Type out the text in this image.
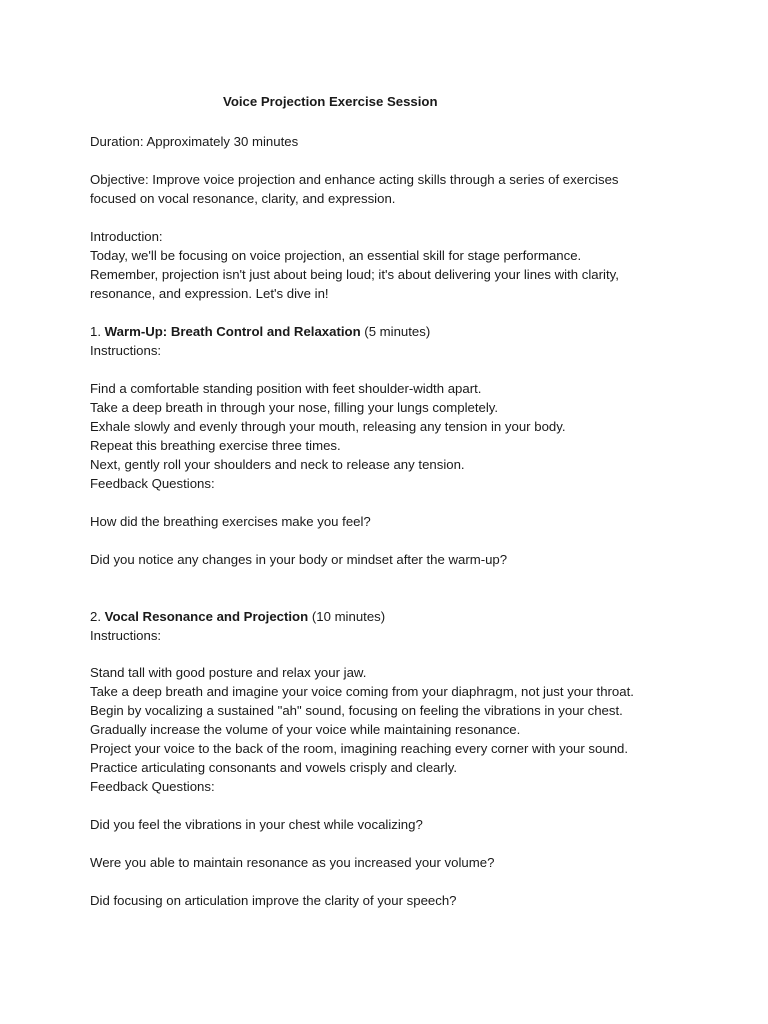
Voice Projection Exercise Session
Duration: Approximately 30 minutes
Objective: Improve voice projection and enhance acting skills through a series of exercises
focused on vocal resonance, clarity, and expression.
Introduction:
Today, we'll be focusing on voice projection, an essential skill for stage performance.
Remember, projection isn't just about being loud; it's about delivering your lines with clarity,
resonance, and expression. Let's dive in!
1. Warm-Up: Breath Control and Relaxation (5 minutes)
Instructions:
Find a comfortable standing position with feet shoulder-width apart.
Take a deep breath in through your nose, filling your lungs completely.
Exhale slowly and evenly through your mouth, releasing any tension in your body.
Repeat this breathing exercise three times.
Next, gently roll your shoulders and neck to release any tension.
Feedback Questions:
How did the breathing exercises make you feel?
Did you notice any changes in your body or mindset after the warm-up?
2. Vocal Resonance and Projection (10 minutes)
Instructions:
Stand tall with good posture and relax your jaw.
Take a deep breath and imagine your voice coming from your diaphragm, not just your throat.
Begin by vocalizing a sustained "ah" sound, focusing on feeling the vibrations in your chest.
Gradually increase the volume of your voice while maintaining resonance.
Project your voice to the back of the room, imagining reaching every corner with your sound.
Practice articulating consonants and vowels crisply and clearly.
Feedback Questions:
Did you feel the vibrations in your chest while vocalizing?
Were you able to maintain resonance as you increased your volume?
Did focusing on articulation improve the clarity of your speech?
